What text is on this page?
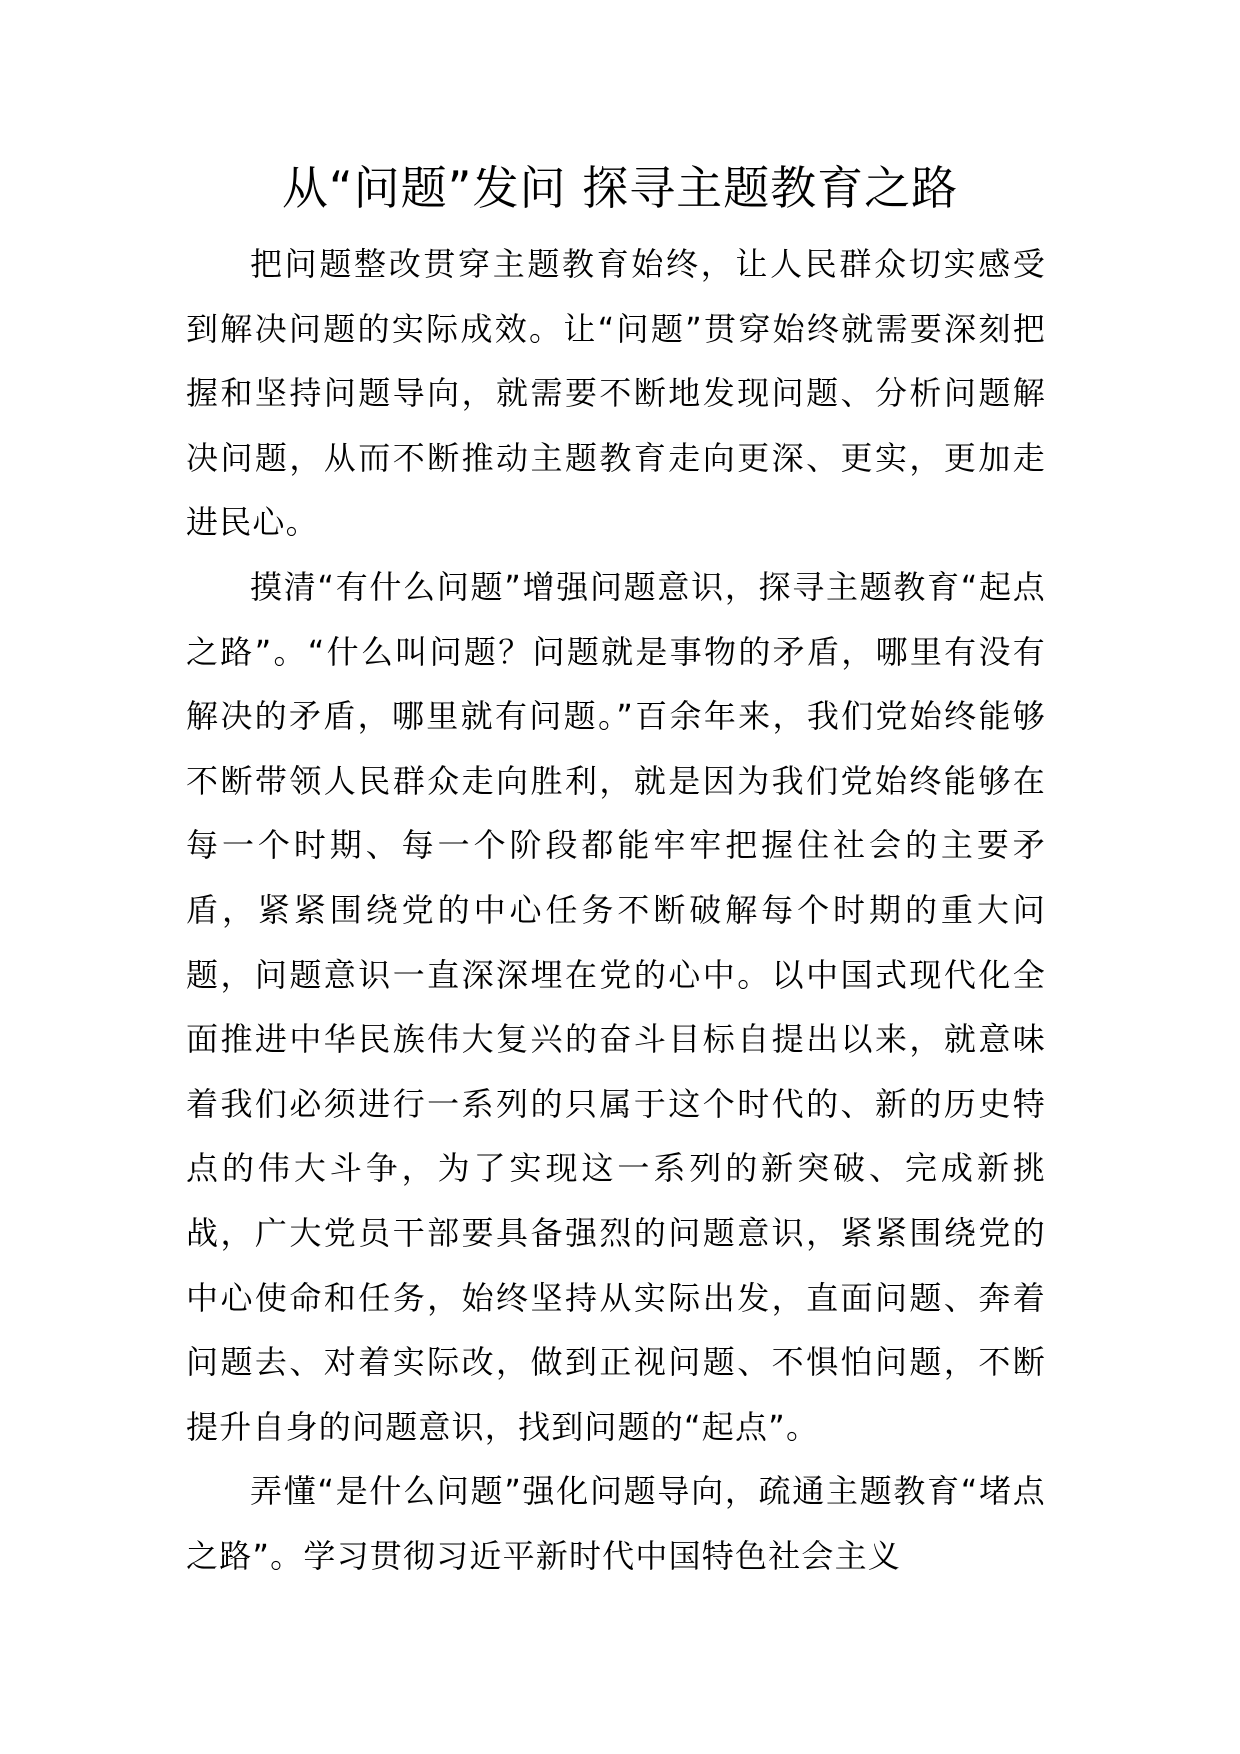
从“问题”发问 探寻主题教育之路

把问题整改贯穿主题教育始终，让人民群众切实感受到解决问题的实际成效。让“问题”贯穿始终就需要深刻把握和坚持问题导向，就需要不断地发现问题、分析问题解决问题，从而不断推动主题教育走向更深、更实，更加走进民心。

摸清“有什么问题”增强问题意识，探寻主题教育“起点之路”。“什么叫问题？问题就是事物的矛盾，哪里有没有解决的矛盾，哪里就有问题。”百余年来，我们党始终能够不断带领人民群众走向胜利，就是因为我们党始终能够在每一个时期、每一个阶段都能牢牢把握住社会的主要矛盾，紧紧围绕党的中心任务不断破解每个时期的重大问题，问题意识一直深深埋在党的心中。以中国式现代化全面推进中华民族伟大复兴的奋斗目标自提出以来，就意味着我们必须进行一系列的只属于这个时代的、新的历史特点的伟大斗争，为了实现这一系列的新突破、完成新挑战，广大党员干部要具备强烈的问题意识，紧紧围绕党的中心使命和任务，始终坚持从实际出发，直面问题、奔着问题去、对着实际改，做到正视问题、不惧怕问题，不断提升自身的问题意识，找到问题的“起点”。

弄懂“是什么问题”强化问题导向，疏通主题教育“堵点之路”。学习贯彻习近平新时代中国特色社会主义
